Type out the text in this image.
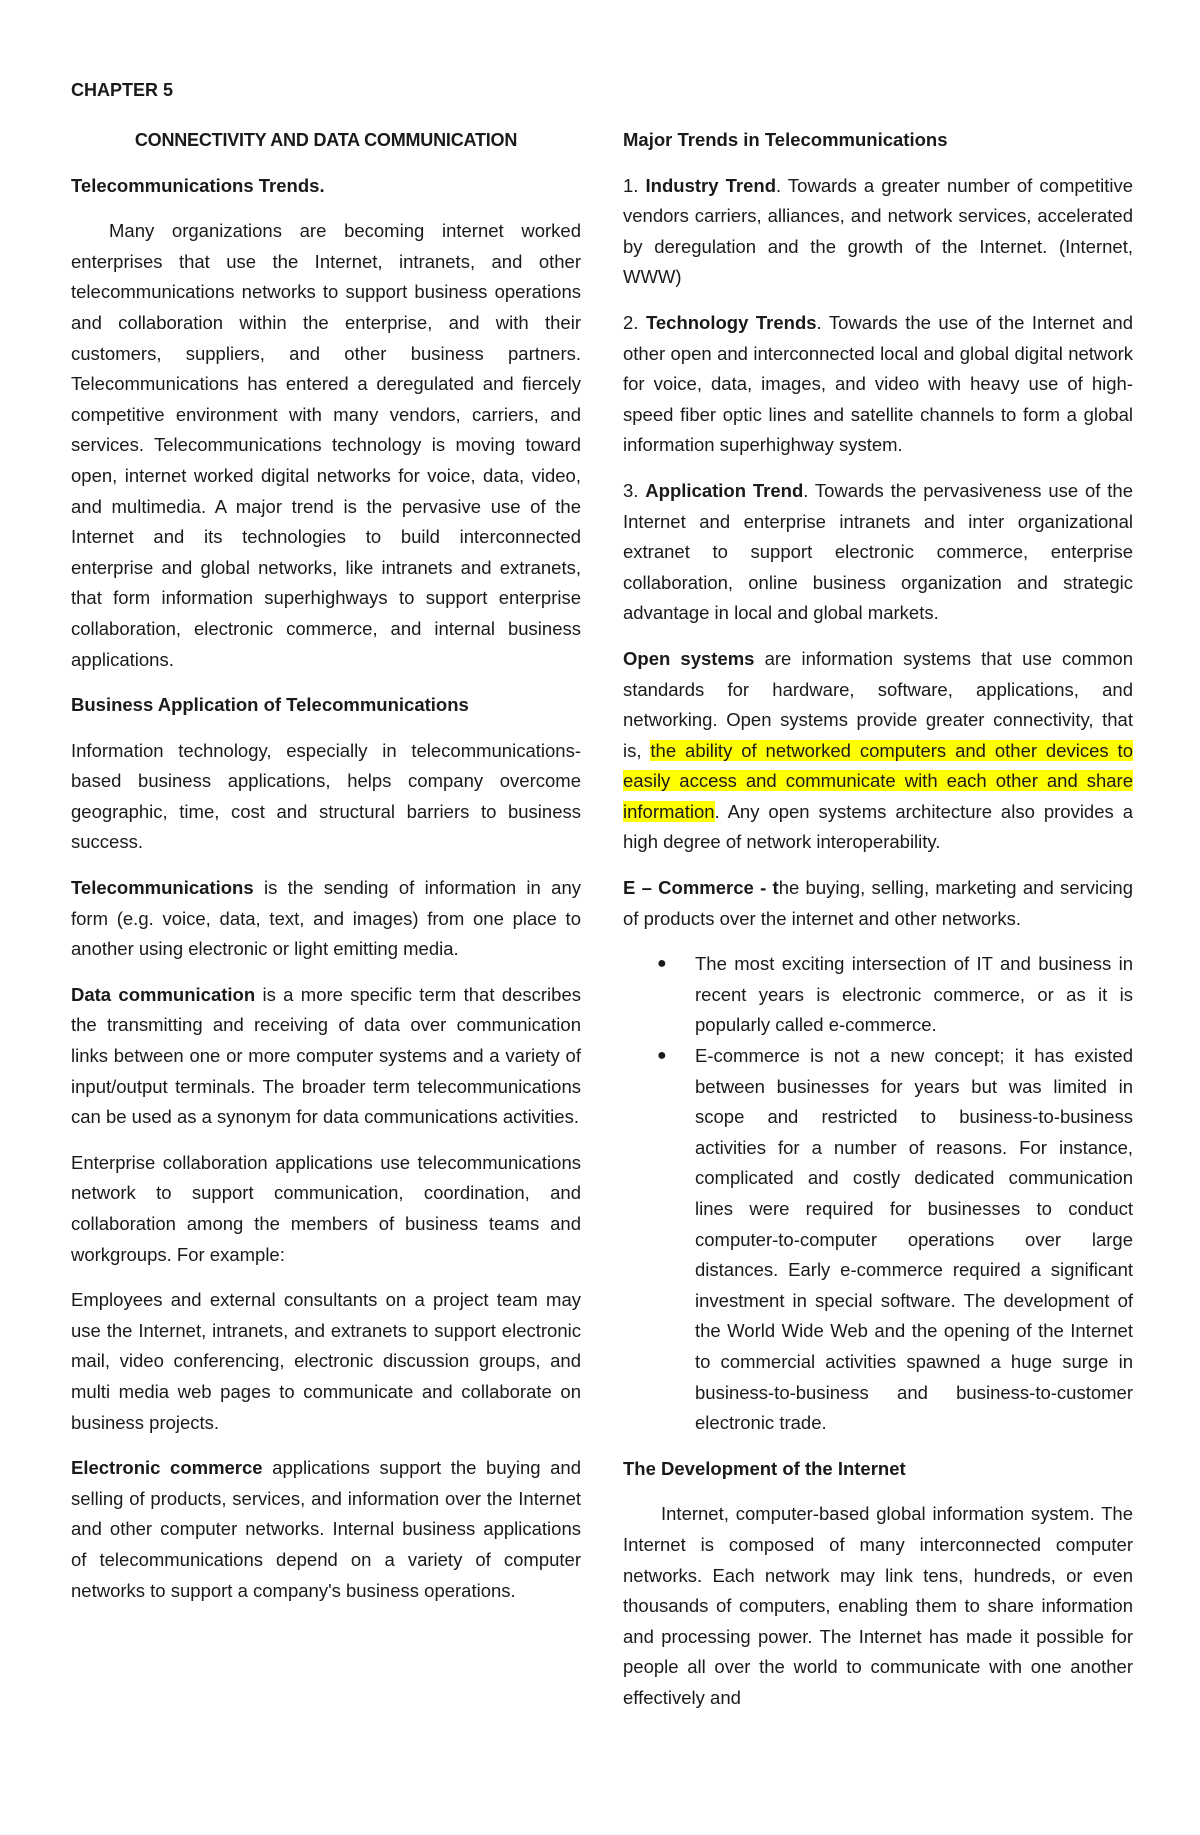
CHAPTER 5
CONNECTIVITY AND DATA COMMUNICATION
Telecommunications Trends.

Many organizations are becoming internet worked enterprises that use the Internet, intranets, and other telecommunications networks to support business operations and collaboration within the enterprise, and with their customers, suppliers, and other business partners. Telecommunications has entered a deregulated and fiercely competitive environment with many vendors, carriers, and services. Telecommunications technology is moving toward open, internet worked digital networks for voice, data, video, and multimedia. A major trend is the pervasive use of the Internet and its technologies to build interconnected enterprise and global networks, like intranets and extranets, that form information superhighways to support enterprise collaboration, electronic commerce, and internal business applications.

Business Application of Telecommunications

Information technology, especially in telecommunications-based business applications, helps company overcome geographic, time, cost and structural barriers to business success.

Telecommunications is the sending of information in any form (e.g. voice, data, text, and images) from one place to another using electronic or light emitting media.

Data communication is a more specific term that describes the transmitting and receiving of data over communication links between one or more computer systems and a variety of input/output terminals. The broader term telecommunications can be used as a synonym for data communications activities.

Enterprise collaboration applications use telecommunications network to support communication, coordination, and collaboration among the members of business teams and workgroups. For example:

Employees and external consultants on a project team may use the Internet, intranets, and extranets to support electronic mail, video conferencing, electronic discussion groups, and multi media web pages to communicate and collaborate on business projects.

Electronic commerce applications support the buying and selling of products, services, and information over the Internet and other computer networks. Internal business applications of telecommunications depend on a variety of computer networks to support a company's business operations.

Major Trends in Telecommunications

1. Industry Trend. Towards a greater number of competitive vendors carriers, alliances, and network services, accelerated by deregulation and the growth of the Internet. (Internet, WWW)

2. Technology Trends. Towards the use of the Internet and other open and interconnected local and global digital network for voice, data, images, and video with heavy use of high-speed fiber optic lines and satellite channels to form a global information superhighway system.

3. Application Trend. Towards the pervasiveness use of the Internet and enterprise intranets and inter organizational extranet to support electronic commerce, enterprise collaboration, online business organization and strategic advantage in local and global markets.

Open systems are information systems that use common standards for hardware, software, applications, and networking. Open systems provide greater connectivity, that is, the ability of networked computers and other devices to easily access and communicate with each other and share information. Any open systems architecture also provides a high degree of network interoperability.

E – Commerce - the buying, selling, marketing and servicing of products over the internet and other networks.

● The most exciting intersection of IT and business in recent years is electronic commerce, or as it is popularly called e-commerce.
● E-commerce is not a new concept; it has existed between businesses for years but was limited in scope and restricted to business-to-business activities for a number of reasons. For instance, complicated and costly dedicated communication lines were required for businesses to conduct computer-to-computer operations over large distances. Early e-commerce required a significant investment in special software. The development of the World Wide Web and the opening of the Internet to commercial activities spawned a huge surge in business-to-business and business-to-customer electronic trade.
The Development of the Internet

Internet, computer-based global information system. The Internet is composed of many interconnected computer networks. Each network may link tens, hundreds, or even thousands of computers, enabling them to share information and processing power. The Internet has made it possible for people all over the world to communicate with one another effectively and
